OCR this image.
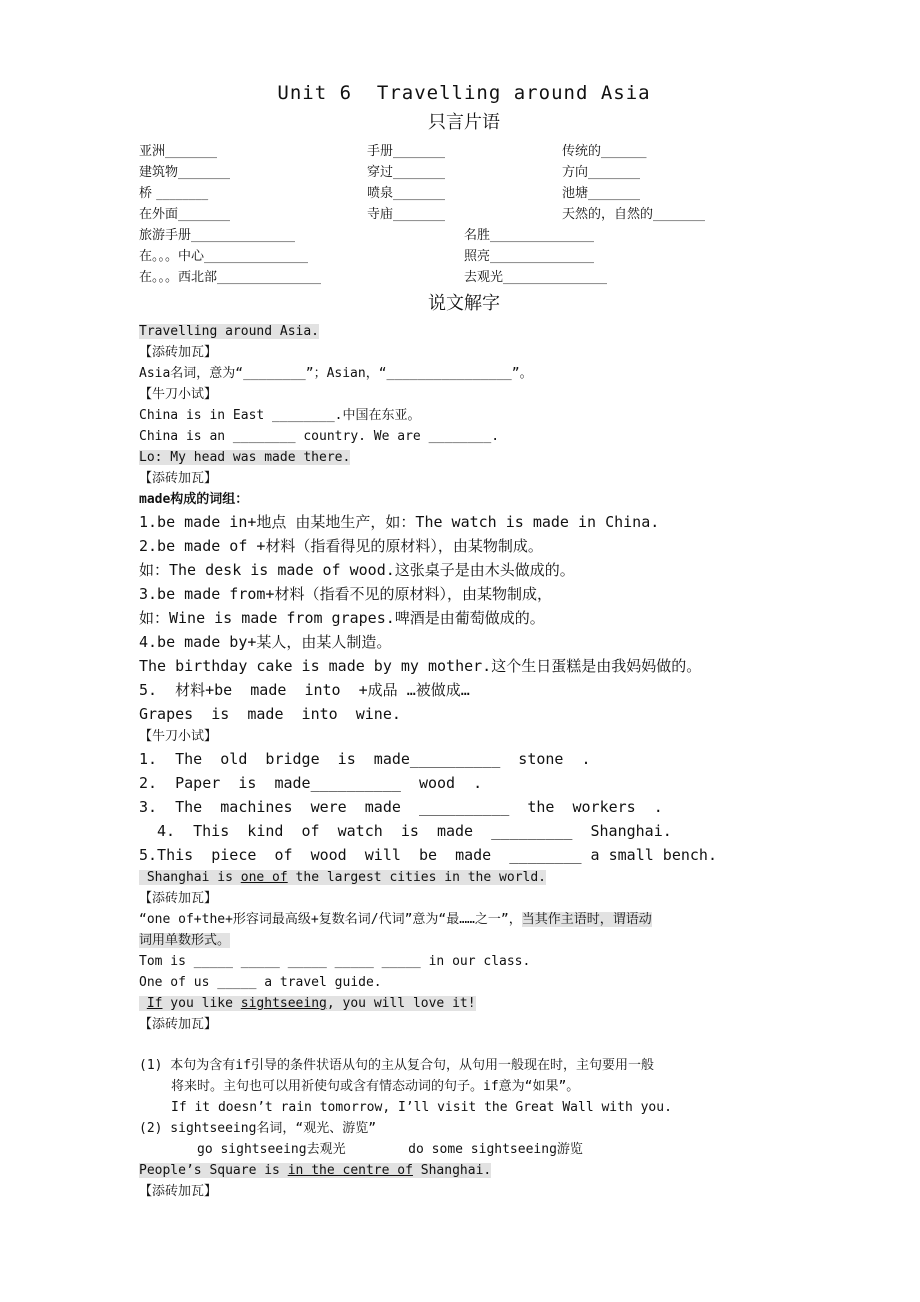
Unit 6  Travelling around Asia
只言片语
亚洲________	手册________	传统的_______
建筑物________	穿过________	方向________
桥 ________	喷泉________	池塘________
在外面________	寺庙________	天然的，自然的________
旅游手册________________	名胜________________
在。。。中心________________	照亮________________
在。。。西北部________________	去观光________________
说文解字
Travelling around Asia.
【添砖加瓦】
Asia名词，意为“________”；Asian，“________________”。
【牛刀小试】
China is in East ________.中国在东亚。
China is an ________ country. We are ________.
Lo: My head was made there.
【添砖加瓦】
made构成的词组：
1.be made in+地点 由某地生产，如：The watch is made in China.
2.be made of +材料（指看得见的原材料），由某物制成。
如：The desk is made of wood.这张桌子是由木头做成的。
3.be made from+材料（指看不见的原材料），由某物制成，
如：Wine is made from grapes.啤酒是由葡萄做成的。
4.be made by+某人，由某人制造。
The birthday cake is made by my mother.这个生日蛋糕是由我妈妈做的。
5.  材料+be  made  into  +成品 …被做成…
Grapes  is  made  into  wine.
【牛刀小试】
1.  The  old  bridge  is  made__________  stone  .
2.  Paper  is  made__________  wood  .
3.  The  machines  were  made  __________  the  workers  .
4.  This  kind  of  watch  is  made  _________  Shanghai.
5.This  piece  of  wood  will  be  made  ________ a small bench.
Shanghai is one of the largest cities in the world.
【添砖加瓦】
“one of+the+形容词最高级+复数名词/代词”意为“最……之一”，当其作主语时，谓语动
词用单数形式。
Tom is _____ _____ _____ _____ _____ in our class.
One of us _____ a travel guide.
If you like sightseeing, you will love it!
【添砖加瓦】
(1) 本句为含有if引导的条件状语从句的主从复合句，从句用一般现在时，主句要用一般
将来时。主句也可以用祈使句或含有情态动词的句子。if意为“如果”。
If it doesn’t rain tomorrow, I’ll visit the Great Wall with you.
(2) sightseeing名词，“观光、游览”
go sightseeing去观光        do some sightseeing游览
People’s Square is in the centre of Shanghai.
【添砖加瓦】
